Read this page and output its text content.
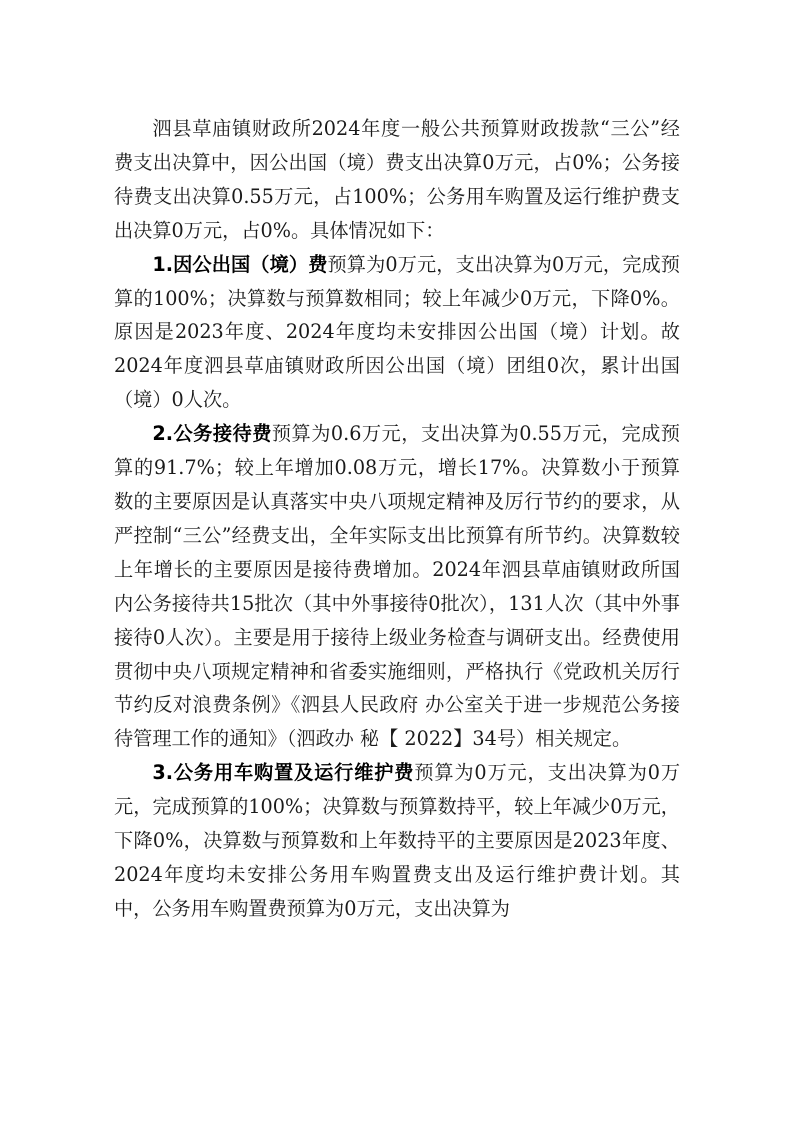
泗县草庙镇财政所2024年度一般公共预算财政拨款“三公”经费支出决算中，因公出国（境）费支出决算0万元，占0%；公务接待费支出决算0.55万元，占100%；公务用车购置及运行维护费支出决算0万元，占0%。具体情况如下：

1.因公出国（境）费预算为0万元，支出决算为0万元，完成预算的100%；决算数与预算数相同；较上年减少0万元，下降0%。原因是2023年度、2024年度均未安排因公出国（境）计划。故2024年度泗县草庙镇财政所因公出国（境）团组0次，累计出国（境）0人次。

2.公务接待费预算为0.6万元，支出决算为0.55万元，完成预算的91.7%；较上年增加0.08万元，增长17%。决算数小于预算数的主要原因是认真落实中央八项规定精神及厉行节约的要求，从严控制“三公”经费支出，全年实际支出比预算有所节约。决算数较上年增长的主要原因是接待费增加。2024年泗县草庙镇财政所国内公务接待共15批次（其中外事接待0批次），131人次（其中外事接待0人次）。主要是用于接待上级业务检查与调研支出。经费使用贯彻中央八项规定精神和省委实施细则，严格执行《党政机关厉行节约反对浪费条例》《泗县人民政府 办公室关于进一步规范公务接待管理工作的通知》（泗政办 秘【 2022】34号）相关规定。

3.公务用车购置及运行维护费预算为0万元，支出决算为0万元，完成预算的100%；决算数与预算数持平，较上年减少0万元，下降0%，决算数与预算数和上年数持平的主要原因是2023年度、2024年度均未安排公务用车购置费支出及运行维护费计划。其中，公务用车购置费预算为0万元，支出决算为
